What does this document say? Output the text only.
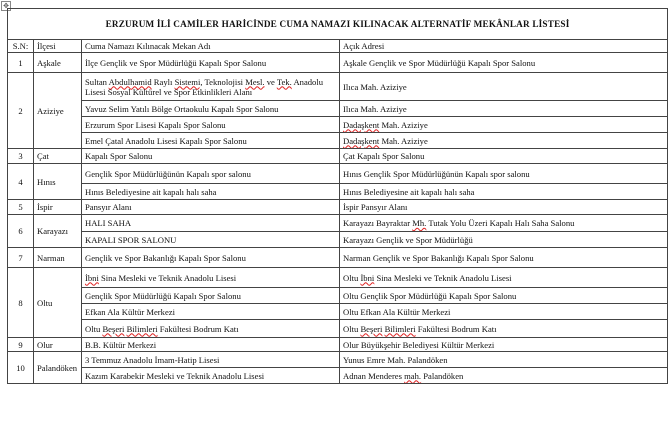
✥
ERZURUM İLİ CAMİLER HARİCİNDE CUMA NAMAZI KILINACAK ALTERNATİF MEKÂNLAR LİSTESİ			
S.N:	İlçesi	Cuma Namazı Kılınacak Mekan Adı	Açık Adresi
1	Aşkale	İlçe Gençlik ve Spor Müdürlüğü Kapalı Spor Salonu	Aşkale Gençlik ve Spor Müdürlüğü Kapalı Spor Salonu
2	Aziziye	Sultan Abdulhamid Raylı Sistemi, Teknolojisi Mesl. ve Tek. Anadolu Lisesi Sosyal Kültürel ve Spor Etkinlikleri Alanı	Ilıca Mah. Aziziye
		Yavuz Selim Yatılı Bölge Ortaokulu Kapalı Spor Salonu	Ilıca Mah. Aziziye
		Erzurum Spor Lisesi Kapalı Spor Salonu	Dadaşkent Mah. Aziziye
		Emel Çatal Anadolu Lisesi Kapalı Spor Salonu	Dadaşkent Mah. Aziziye
3	Çat	Kapalı Spor Salonu	Çat Kapalı Spor Salonu
4	Hınıs	Gençlik Spor Müdürlüğünün Kapalı spor salonu	Hınıs Gençlik Spor Müdürlüğünün Kapalı spor salonu
		Hınıs Belediyesine ait kapalı halı saha	Hınıs Belediyesine ait kapalı halı saha
5	İspir	Pansyır Alanı	İspir Pansyır Alanı
6	Karayazı	HALI SAHA	Karayazı Bayraktar Mh. Tutak Yolu Üzeri Kapalı Halı Saha Salonu
		KAPALI SPOR SALONU	Karayazı Gençlik ve Spor Müdürlüğü
7	Narman	Gençlik ve Spor Bakanlığı Kapalı Spor Salonu	Narman Gençlik ve Spor Bakanlığı Kapalı Spor Salonu
8	Oltu	İbni Sina Mesleki ve Teknik Anadolu Lisesi	Oltu İbni Sina Mesleki ve Teknik Anadolu Lisesi
		Gençlik Spor Müdürlüğü Kapalı Spor Salonu	Oltu Gençlik Spor Müdürlüğü Kapalı Spor Salonu
		Efkan Ala Kültür Merkezi	Oltu Efkan Ala Kültür Merkezi
		Oltu Beşeri Bilimleri Fakültesi Bodrum Katı	Oltu Beşeri Bilimleri Fakültesi Bodrum Katı
9	Olur	B.B. Kültür Merkezi	Olur Büyükşehir Belediyesi Kültür Merkezi
10	Palandöken	3 Temmuz Anadolu İmam-Hatip Lisesi	Yunus Emre Mah. Palandöken
		Kazım Karabekir Mesleki ve Teknik Anadolu Lisesi	Adnan Menderes mah. Palandöken
